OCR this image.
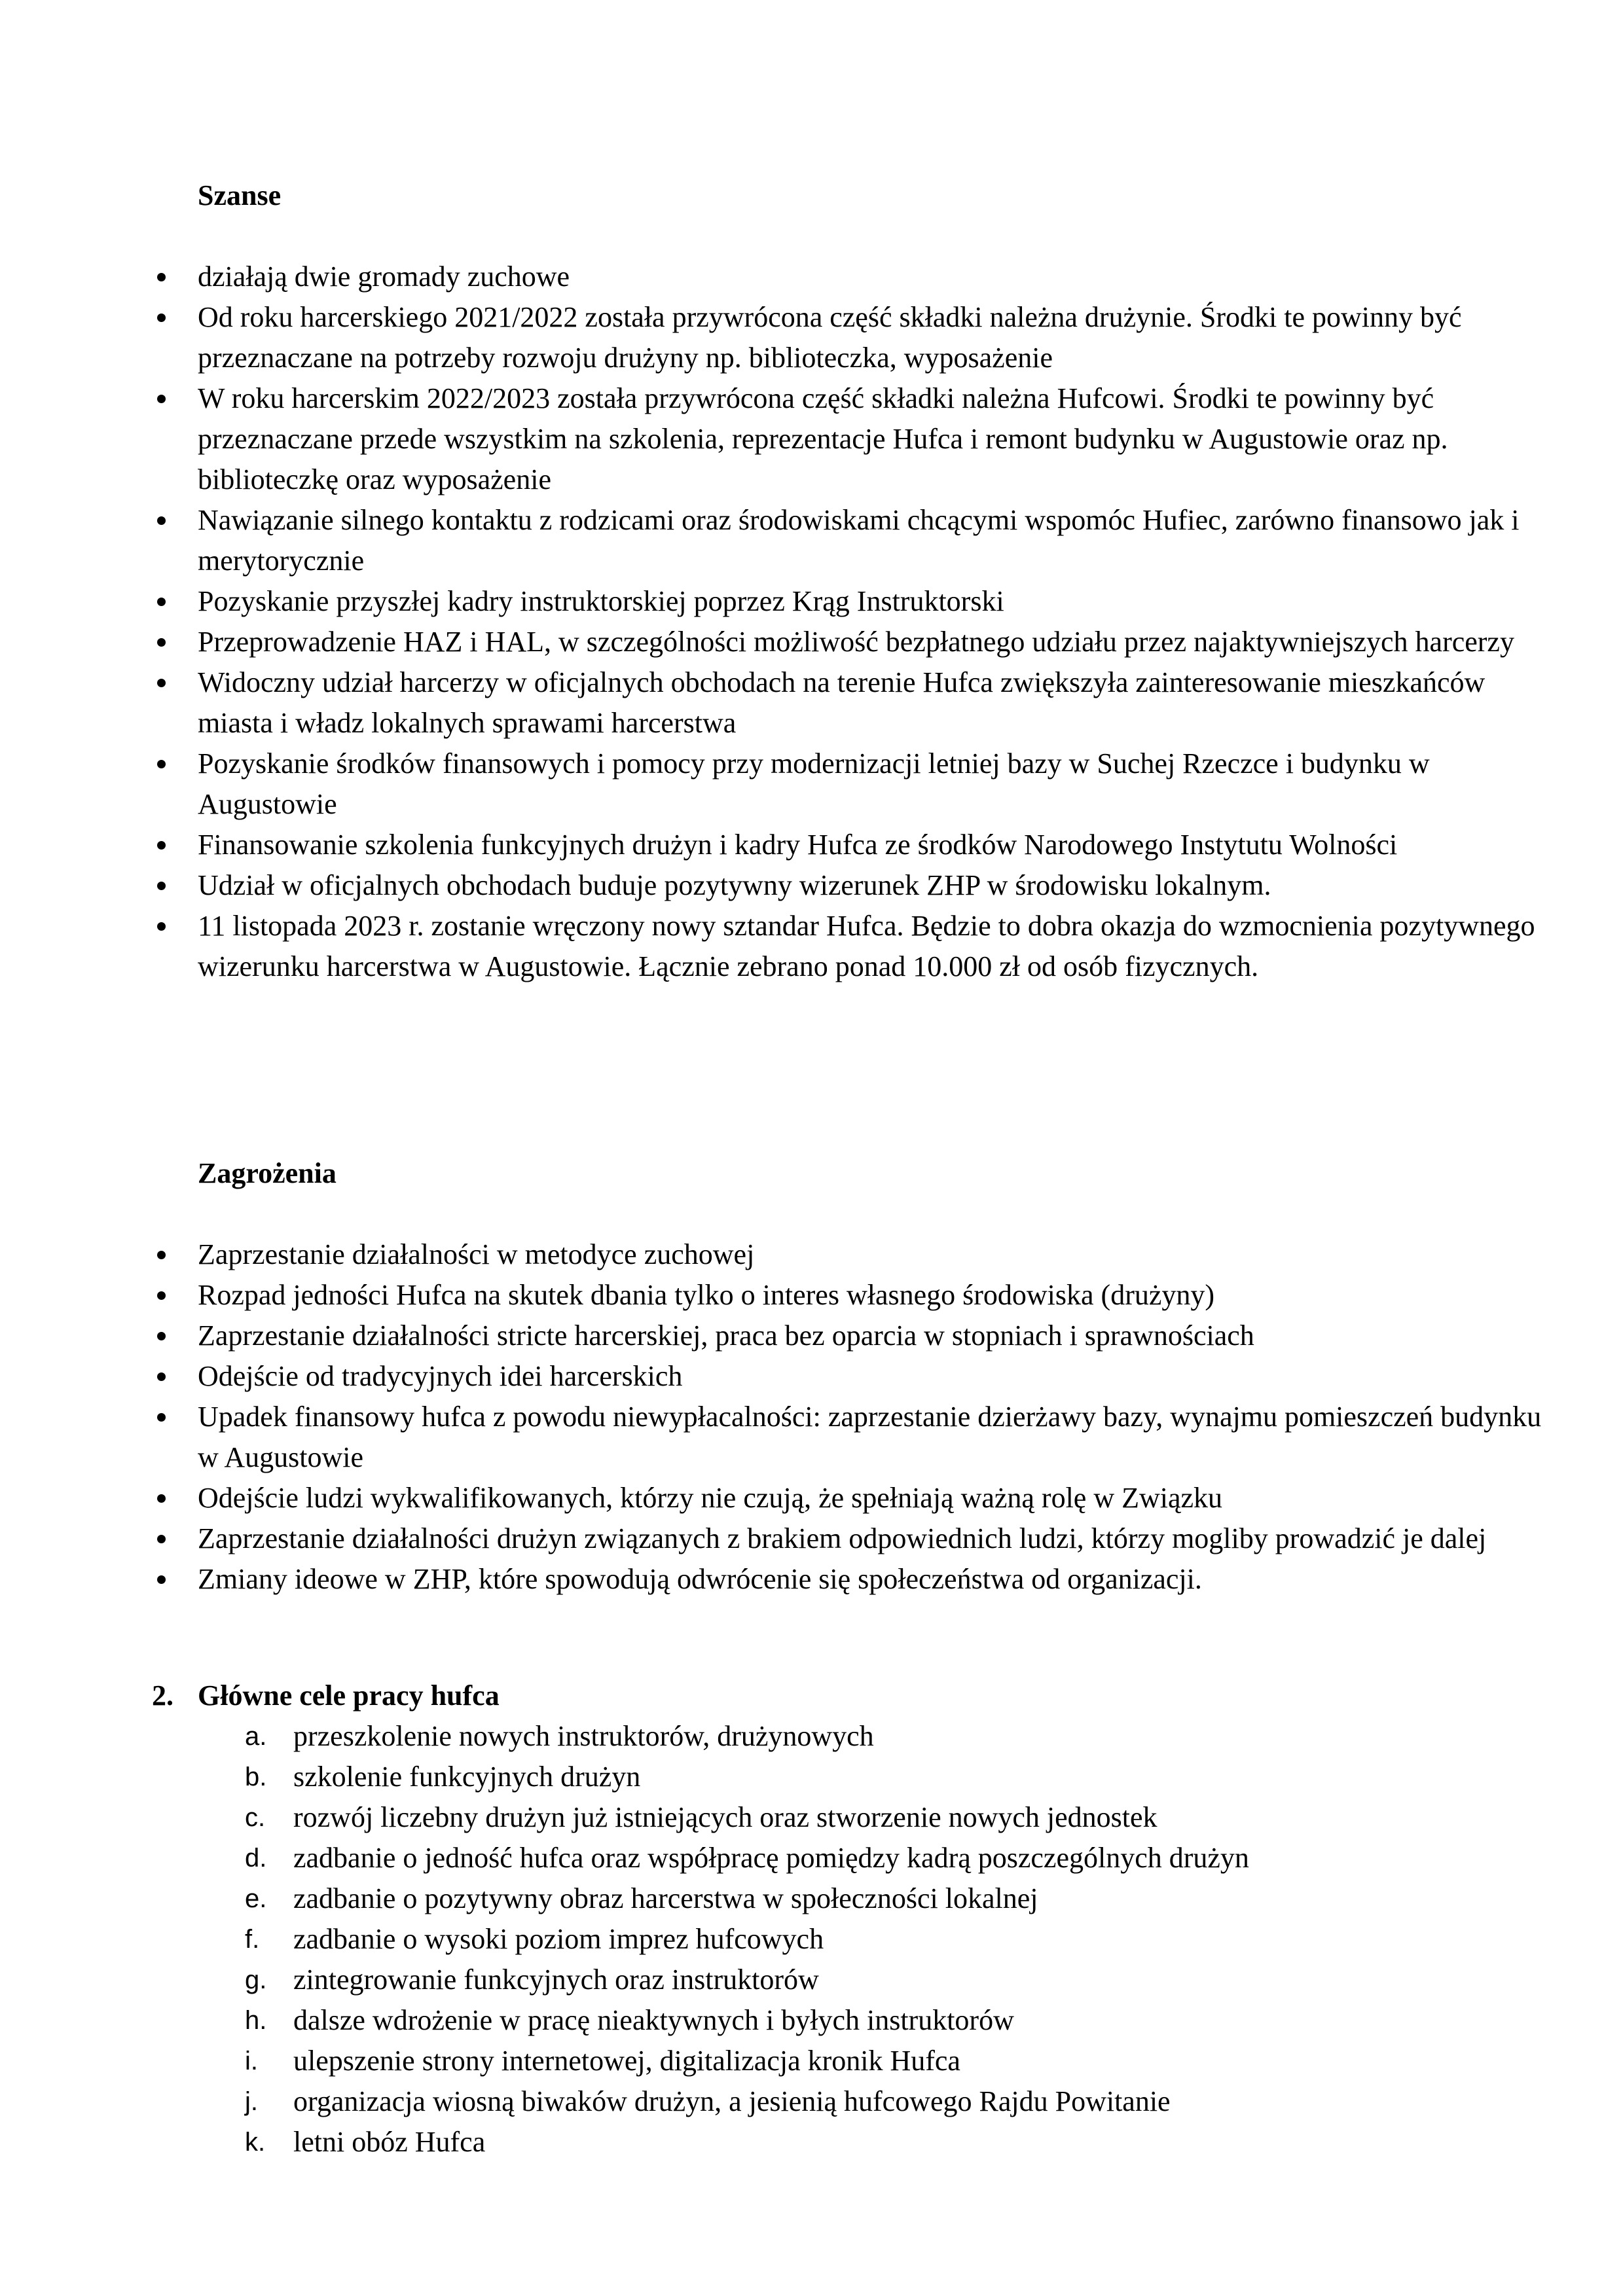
Szanse
działają dwie gromady zuchowe
Od roku harcerskiego 2021/2022 została przywrócona część składki należna drużynie. Środki te powinny być przeznaczane na potrzeby rozwoju drużyny np. biblioteczka, wyposażenie
W roku harcerskim 2022/2023 została przywrócona część składki należna Hufcowi. Środki te powinny być przeznaczane przede wszystkim na szkolenia, reprezentacje Hufca i remont budynku w Augustowie oraz np. biblioteczkę oraz wyposażenie
Nawiązanie silnego kontaktu z rodzicami oraz środowiskami chcącymi wspomóc Hufiec, zarówno finansowo jak i merytorycznie
Pozyskanie przyszłej kadry instruktorskiej poprzez Krąg Instruktorski
Przeprowadzenie HAZ i HAL, w szczególności możliwość bezpłatnego udziału przez najaktywniejszych harcerzy
Widoczny udział harcerzy w oficjalnych obchodach na terenie Hufca zwiększyła zainteresowanie mieszkańców miasta i władz lokalnych sprawami harcerstwa
Pozyskanie środków finansowych i pomocy przy modernizacji letniej bazy w Suchej Rzeczce i budynku w Augustowie
Finansowanie szkolenia funkcyjnych drużyn i kadry Hufca ze środków Narodowego Instytutu Wolności
Udział w oficjalnych obchodach buduje pozytywny wizerunek ZHP w środowisku lokalnym.
11 listopada 2023 r. zostanie wręczony nowy sztandar Hufca. Będzie to dobra okazja do wzmocnienia pozytywnego wizerunku harcerstwa w Augustowie. Łącznie zebrano ponad 10.000 zł od osób fizycznych.
Zagrożenia
Zaprzestanie działalności w metodyce zuchowej
Rozpad jedności Hufca na skutek dbania tylko o interes własnego środowiska (drużyny)
Zaprzestanie działalności stricte harcerskiej, praca bez oparcia w stopniach i sprawnościach
Odejście od tradycyjnych idei harcerskich
Upadek finansowy hufca z powodu niewypłacalności: zaprzestanie dzierżawy bazy, wynajmu pomieszczeń budynku w Augustowie
Odejście ludzi wykwalifikowanych, którzy nie czują, że spełniają ważną rolę w Związku
Zaprzestanie działalności drużyn związanych z brakiem odpowiednich ludzi, którzy mogliby prowadzić je dalej
Zmiany ideowe w ZHP, które spowodują odwrócenie się społeczeństwa od organizacji.
2. Główne cele pracy hufca
a. przeszkolenie nowych instruktorów, drużynowych
b. szkolenie funkcyjnych drużyn
c. rozwój liczebny drużyn już istniejących oraz stworzenie nowych jednostek
d. zadbanie o jedność hufca oraz współpracę pomiędzy kadrą poszczególnych drużyn
e. zadbanie o pozytywny obraz harcerstwa w społeczności lokalnej
f. zadbanie o wysoki poziom imprez hufcowych
g. zintegrowanie funkcyjnych oraz instruktorów
h. dalsze wdrożenie w pracę nieaktywnych i byłych instruktorów
i. ulepszenie strony internetowej, digitalizacja kronik Hufca
j. organizacja wiosną biwaków drużyn, a jesienią hufcowego Rajdu Powitanie
k. letni obóz Hufca
